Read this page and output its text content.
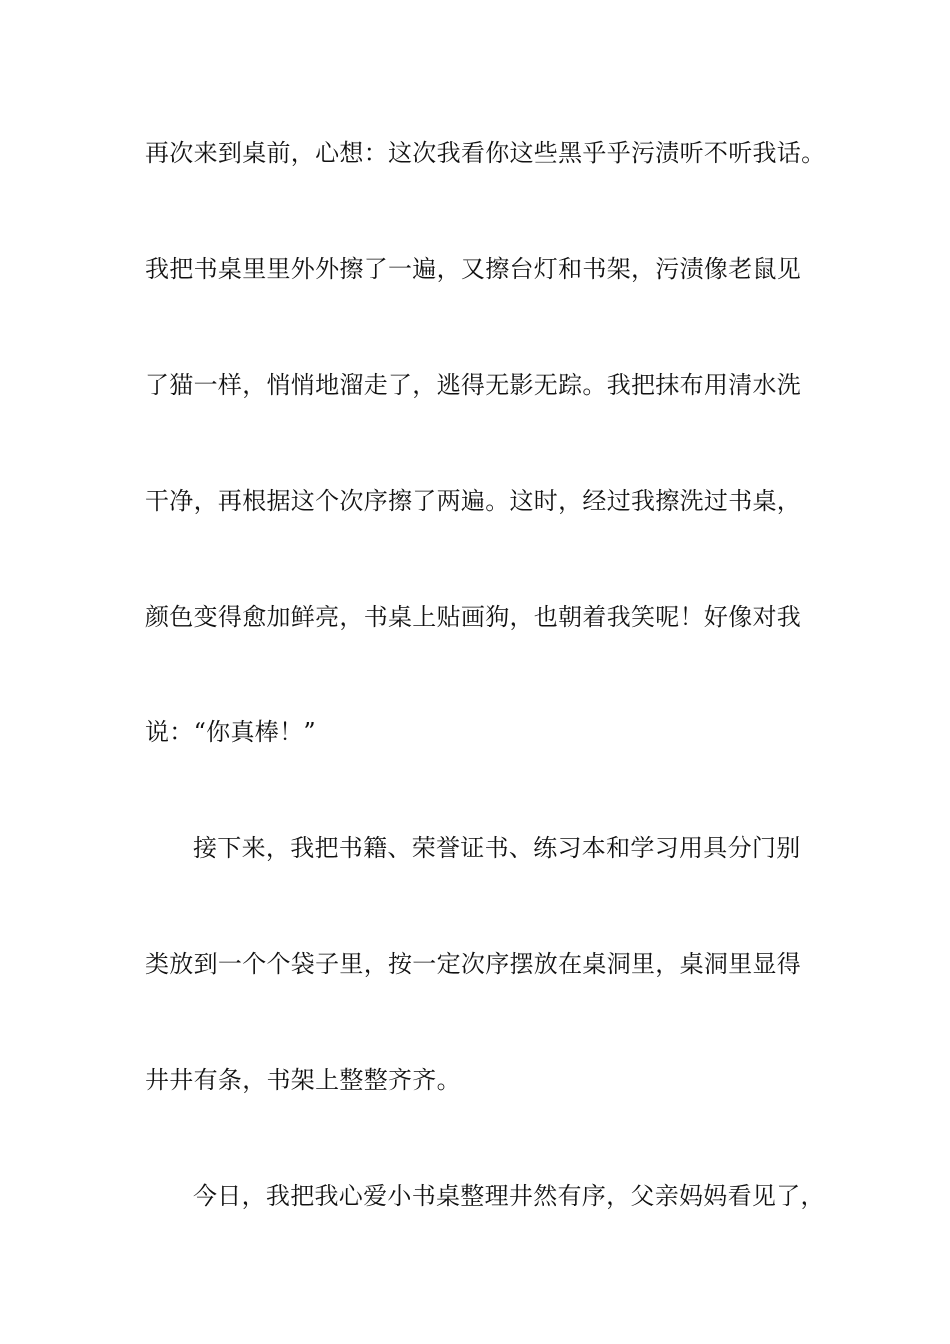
再次来到桌前，心想：这次我看你这些黑乎乎污渍听不听我话。

我把书桌里里外外擦了一遍，又擦台灯和书架，污渍像老鼠见

了猫一样，悄悄地溜走了，逃得无影无踪。我把抹布用清水洗

干净，再根据这个次序擦了两遍。这时，经过我擦洗过书桌，

颜色变得愈加鲜亮，书桌上贴画狗，也朝着我笑呢！好像对我

说：“你真棒！”

接下来，我把书籍、荣誉证书、练习本和学习用具分门别

类放到一个个袋子里，按一定次序摆放在桌洞里，桌洞里显得

井井有条，书架上整整齐齐。

今日，我把我心爱小书桌整理井然有序，父亲妈妈看见了，
